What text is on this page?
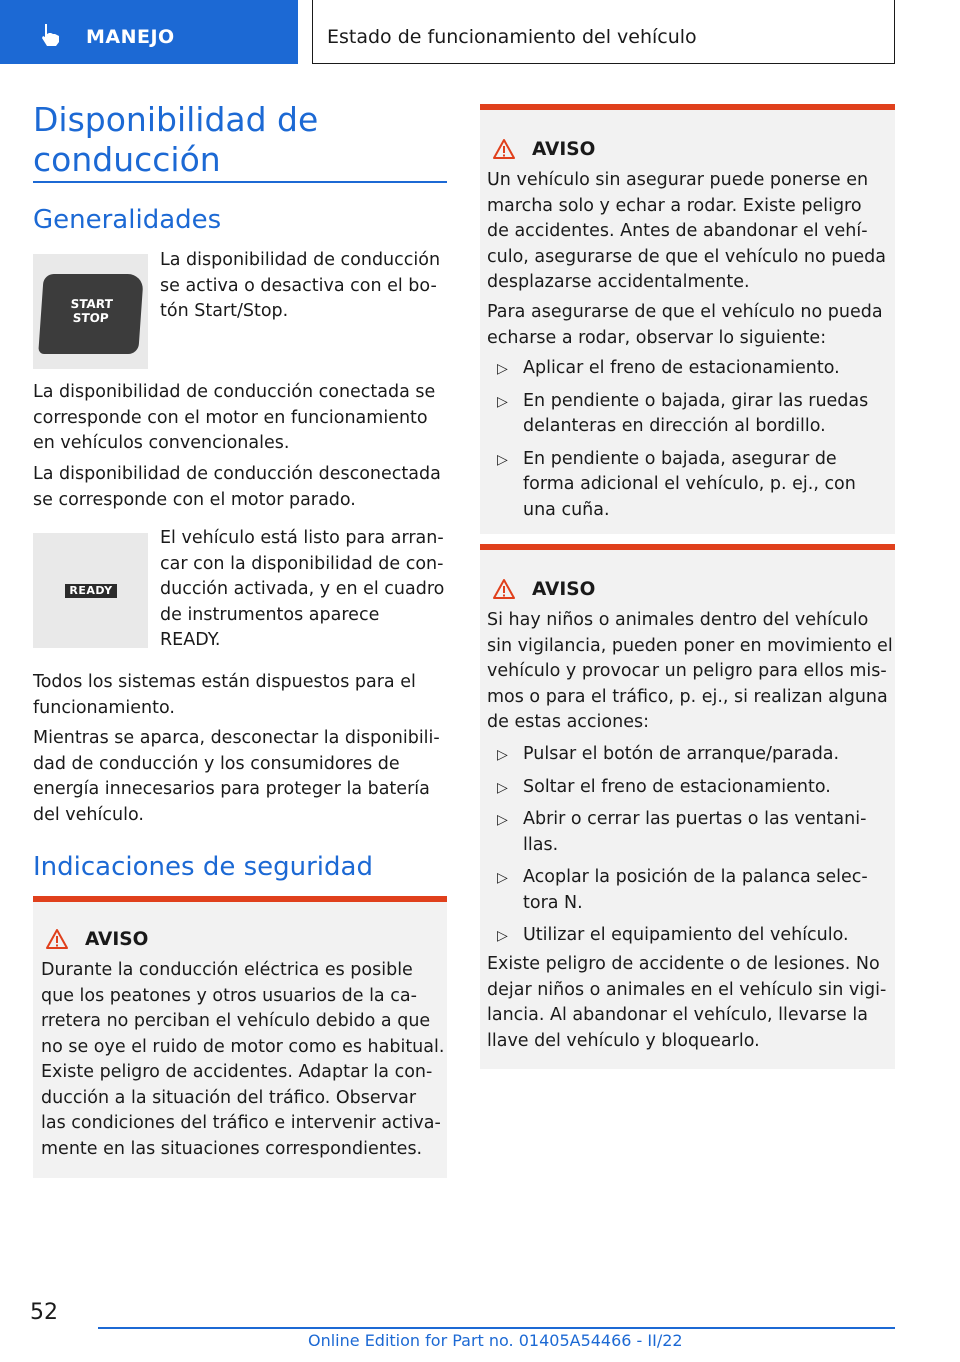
MANEJO	Estado de funcionamiento del vehículo
Disponibilidad de
conducción
Generalidades
START
STOP

La disponibilidad de conducción
se activa o desactiva con el bo-
tón Start/Stop.

La disponibilidad de conducción conectada se
corresponde con el motor en funcionamiento
en vehículos convencionales.

La disponibilidad de conducción desconectada
se corresponde con el motor parado.

READY

El vehículo está listo para arran-
car con la disponibilidad de con-
ducción activada, y en el cuadro
de instrumentos aparece
READY.

Todos los sistemas están dispuestos para el
funcionamiento.

Mientras se aparca, desconectar la disponibili-
dad de conducción y los consumidores de
energía innecesarios para proteger la batería
del vehículo.

Indicaciones de seguridad
AVISO

Durante la conducción eléctrica es posible
que los peatones y otros usuarios de la ca-
rretera no perciban el vehículo debido a que
no se oye el ruido de motor como es habitual.
Existe peligro de accidentes. Adaptar la con-
ducción a la situación del tráfico. Observar
las condiciones del tráfico e intervenir activa-
mente en las situaciones correspondientes.

AVISO

Un vehículo sin asegurar puede ponerse en
marcha solo y echar a rodar. Existe peligro
de accidentes. Antes de abandonar el vehí-
culo, asegurarse de que el vehículo no pueda
desplazarse accidentalmente.

Para asegurarse de que el vehículo no pueda
echarse a rodar, observar lo siguiente:

▷ Aplicar el freno de estacionamiento.
▷ En pendiente o bajada, girar las ruedas
delanteras en dirección al bordillo.
▷ En pendiente o bajada, asegurar de
forma adicional el vehículo, p. ej., con
una cuña.
AVISO

Si hay niños o animales dentro del vehículo
sin vigilancia, pueden poner en movimiento el
vehículo y provocar un peligro para ellos mis-
mos o para el tráfico, p. ej., si realizan alguna
de estas acciones:

▷ Pulsar el botón de arranque/parada.
▷ Soltar el freno de estacionamiento.
▷ Abrir o cerrar las puertas o las ventani-
llas.
▷ Acoplar la posición de la palanca selec-
tora N.
▷ Utilizar el equipamiento del vehículo.

Existe peligro de accidente o de lesiones. No
dejar niños o animales en el vehículo sin vigi-
lancia. Al abandonar el vehículo, llevarse la
llave del vehículo y bloquearlo.

52
Online Edition for Part no. 01405A54466 - II/22
